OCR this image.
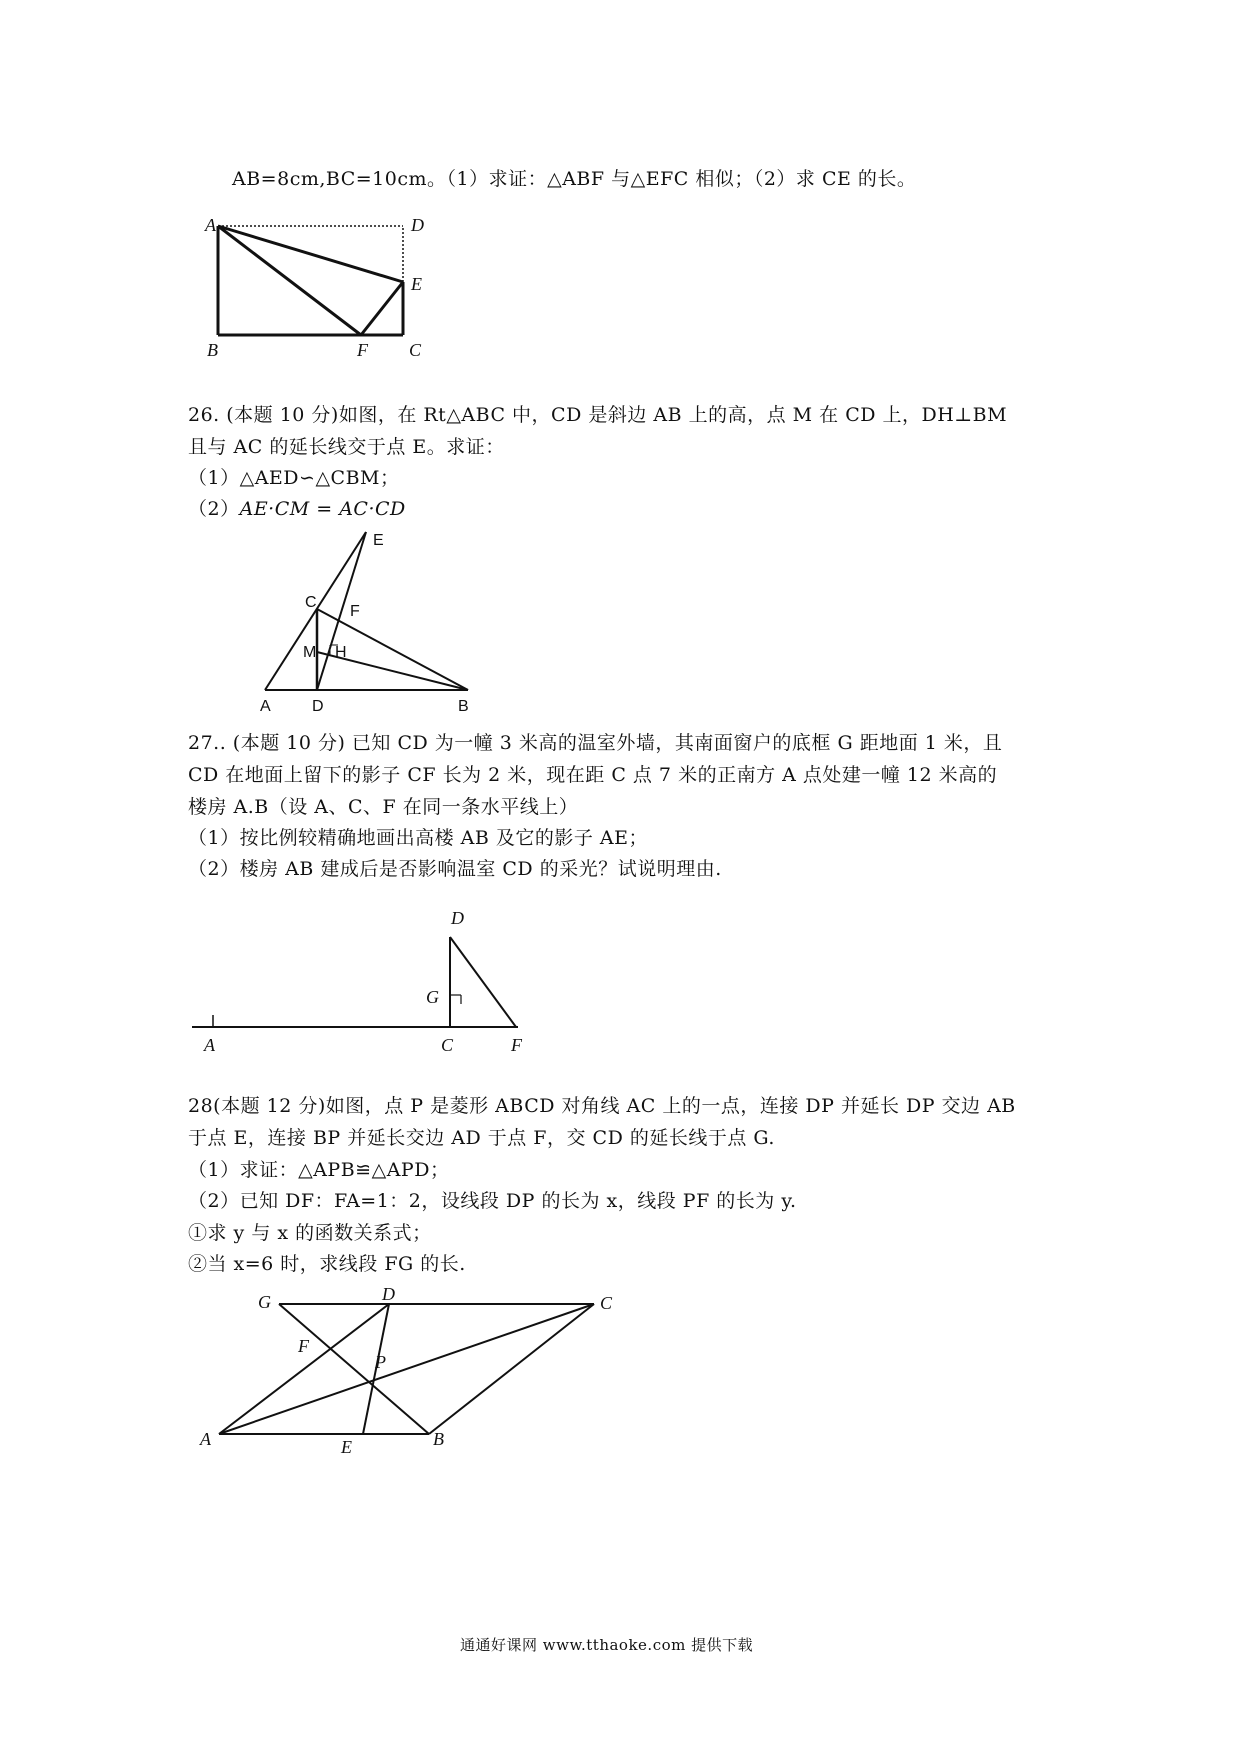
AB=8cm,BC=10cm。（1）求证：△ABF 与△EFC 相似；（2）求 CE 的长。
A	D
E
B	F C
26. (本题 10 分)如图，在 Rt△ABC 中，CD 是斜边 AB 上的高，点 M 在 CD 上，DH⊥BM
且与 AC 的延长线交于点 E。求证：
（1）△AED∽△CBM；
（2）AE·CM = AC·CD
E
C
F
M H
A	D	B
27.. (本题 10 分) 已知 CD 为一幢 3 米高的温室外墙，其南面窗户的底框 G 距地面 1 米，且
CD 在地面上留下的影子 CF 长为 2 米，现在距 C 点 7 米的正南方 A 点处建一幢 12 米高的
楼房 A.B（设 A、C、F 在同一条水平线上）
（1）按比例较精确地画出高楼 AB 及它的影子 AE；
（2）楼房 AB 建成后是否影响温室 CD 的采光？试说明理由.
D
G
A	C	F
28(本题 12 分)如图，点 P 是菱形 ABCD 对角线 AC 上的一点，连接 DP 并延长 DP 交边 AB
于点 E，连接 BP 并延长交边 AD 于点 F，交 CD 的延长线于点 G.
（1）求证：△APB≌△APD；
（2）已知 DF：FA=1：2，设线段 DP 的长为 x，线段 PF 的长为 y.
①求 y 与 x 的函数关系式；
②当 x=6 时，求线段 FG 的长.
G	D	C
F
P
A	E	B
通通好课网 www.tthaoke.com 提供下载
